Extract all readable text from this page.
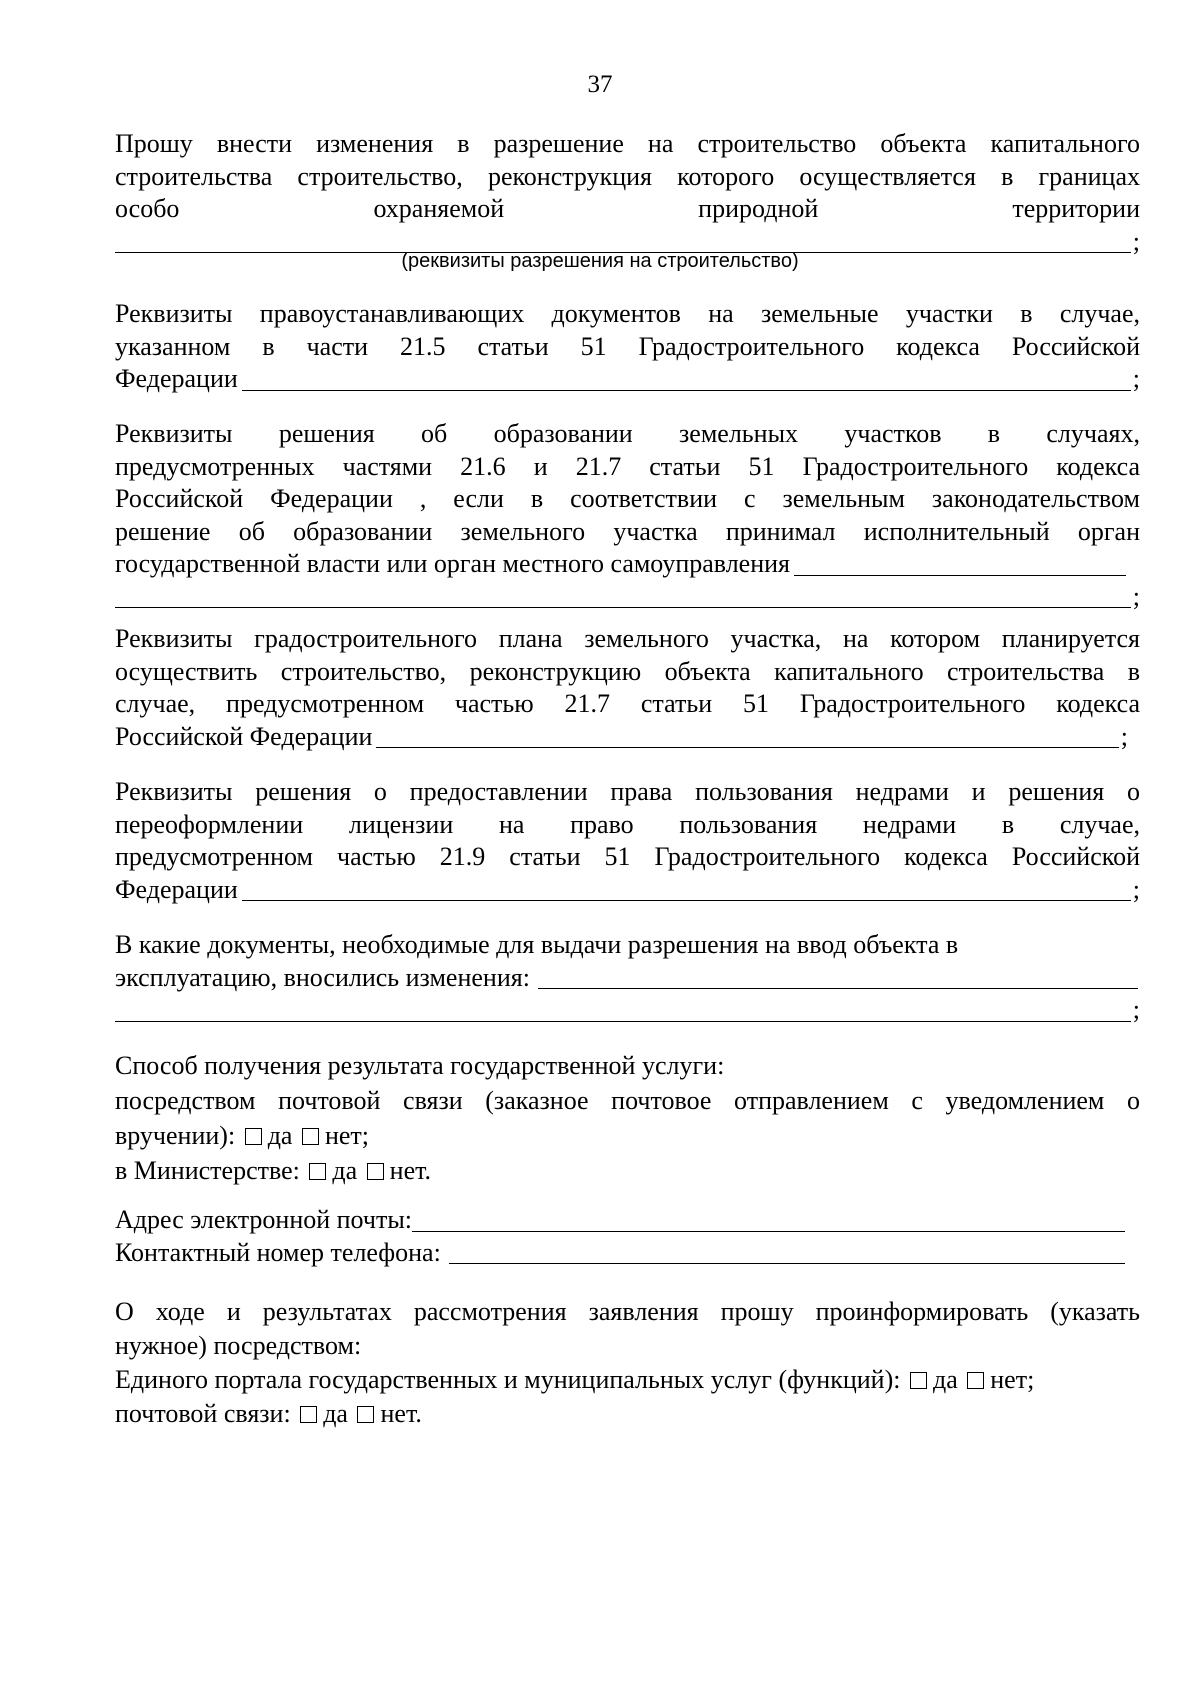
37
Прошу внести изменения в разрешение на строительство объекта капитального
строительства строительство, реконструкция которого осуществляется в границах
особо охраняемой природной территории
;
(реквизиты разрешения на строительство)
Реквизиты правоустанавливающих документов на земельные участки в случае,
указанном в части 21.5 статьи 51 Градостроительного кодекса Российской
Федерации	;
Реквизиты решения об образовании земельных участков в случаях,
предусмотренных частями 21.6 и 21.7 статьи 51 Градостроительного кодекса
Российской Федерации , если в соответствии с земельным законодательством
решение об образовании земельного участка принимал исполнительный орган
государственной власти или орган местного самоуправления
;
Реквизиты градостроительного плана земельного участка, на котором планируется
осуществить строительство, реконструкцию объекта капитального строительства в
случае, предусмотренном частью 21.7 статьи 51 Градостроительного кодекса
Российской Федерации	;
Реквизиты решения о предоставлении права пользования недрами и решения о
переоформлении лицензии на право пользования недрами в случае,
предусмотренном частью 21.9 статьи 51 Градостроительного кодекса Российской
Федерации	;
В какие документы, необходимые для выдачи разрешения на ввод объекта в
эксплуатацию, вносились изменения:
;
Способ получения результата государственной услуги:
посредством почтовой связи (заказное почтовое отправлением с уведомлением о
вручении): да нет;
в Министерстве: да нет.
Адрес электронной почты:
Контактный номер телефона:
О ходе и результатах рассмотрения заявления прошу проинформировать (указать
нужное) посредством:
Единого портала государственных и муниципальных услуг (функций): да нет;
почтовой связи: да нет.
